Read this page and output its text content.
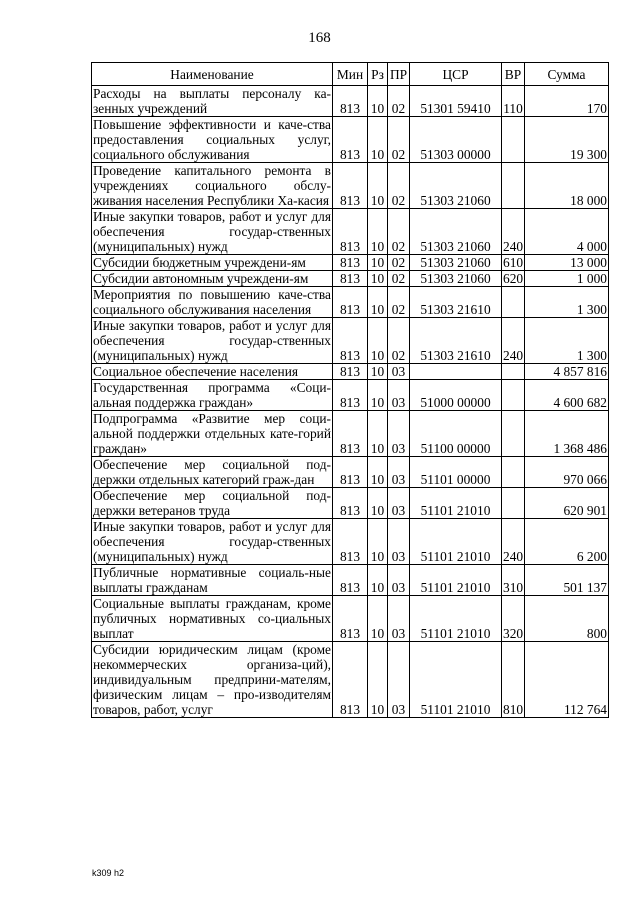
168
Наименование	Мин	Рз	ПР	ЦСР	ВР	Сумма
Расходы на выплаты персоналу ка-зенных учреждений	813	10	02	51301 59410	110	170
Повышение эффективности и каче-ства предоставления социальных услуг, социального обслуживания	813	10	02	51303 00000		19 300
Проведение капитального ремонта в учреждениях социального обслу-живания населения Республики Ха-касия	813	10	02	51303 21060		18 000
Иные закупки товаров, работ и услуг для обеспечения государ-ственных (муниципальных) нужд	813	10	02	51303 21060	240	4 000
Субсидии бюджетным учреждени-ям	813	10	02	51303 21060	610	13 000
Субсидии автономным учреждени-ям	813	10	02	51303 21060	620	1 000
Мероприятия по повышению каче-ства социального обслуживания населения	813	10	02	51303 21610		1 300
Иные закупки товаров, работ и услуг для обеспечения государ-ственных (муниципальных) нужд	813	10	02	51303 21610	240	1 300
Социальное обеспечение населения	813	10	03			4 857 816
Государственная программа «Соци-альная поддержка граждан»	813	10	03	51000 00000		4 600 682
Подпрограмма «Развитие мер соци-альной поддержки отдельных кате-горий граждан»	813	10	03	51100 00000		1 368 486
Обеспечение мер социальной под-держки отдельных категорий граж-дан	813	10	03	51101 00000		970 066
Обеспечение мер социальной под-держки ветеранов труда	813	10	03	51101 21010		620 901
Иные закупки товаров, работ и услуг для обеспечения государ-ственных (муниципальных) нужд	813	10	03	51101 21010	240	6 200
Публичные нормативные социаль-ные выплаты гражданам	813	10	03	51101 21010	310	501 137
Социальные выплаты гражданам, кроме публичных нормативных со-циальных выплат	813	10	03	51101 21010	320	800
Субсидии юридическим лицам (кроме некоммерческих организа-ций), индивидуальным предприни-мателям, физическим лицам – про-изводителям товаров, работ, услуг	813	10	03	51101 21010	810	112 764
k309 h2
